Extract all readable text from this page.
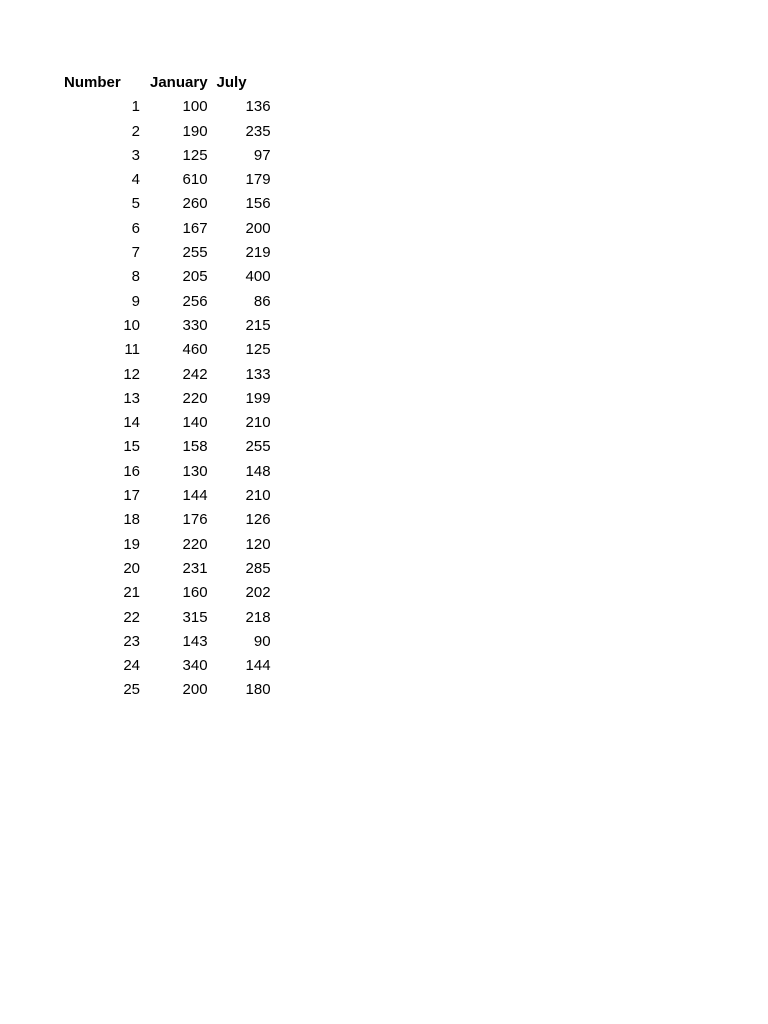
Number	January	July
1	100	136
2	190	235
3	125	97
4	610	179
5	260	156
6	167	200
7	255	219
8	205	400
9	256	86
10	330	215
11	460	125
12	242	133
13	220	199
14	140	210
15	158	255
16	130	148
17	144	210
18	176	126
19	220	120
20	231	285
21	160	202
22	315	218
23	143	90
24	340	144
25	200	180
